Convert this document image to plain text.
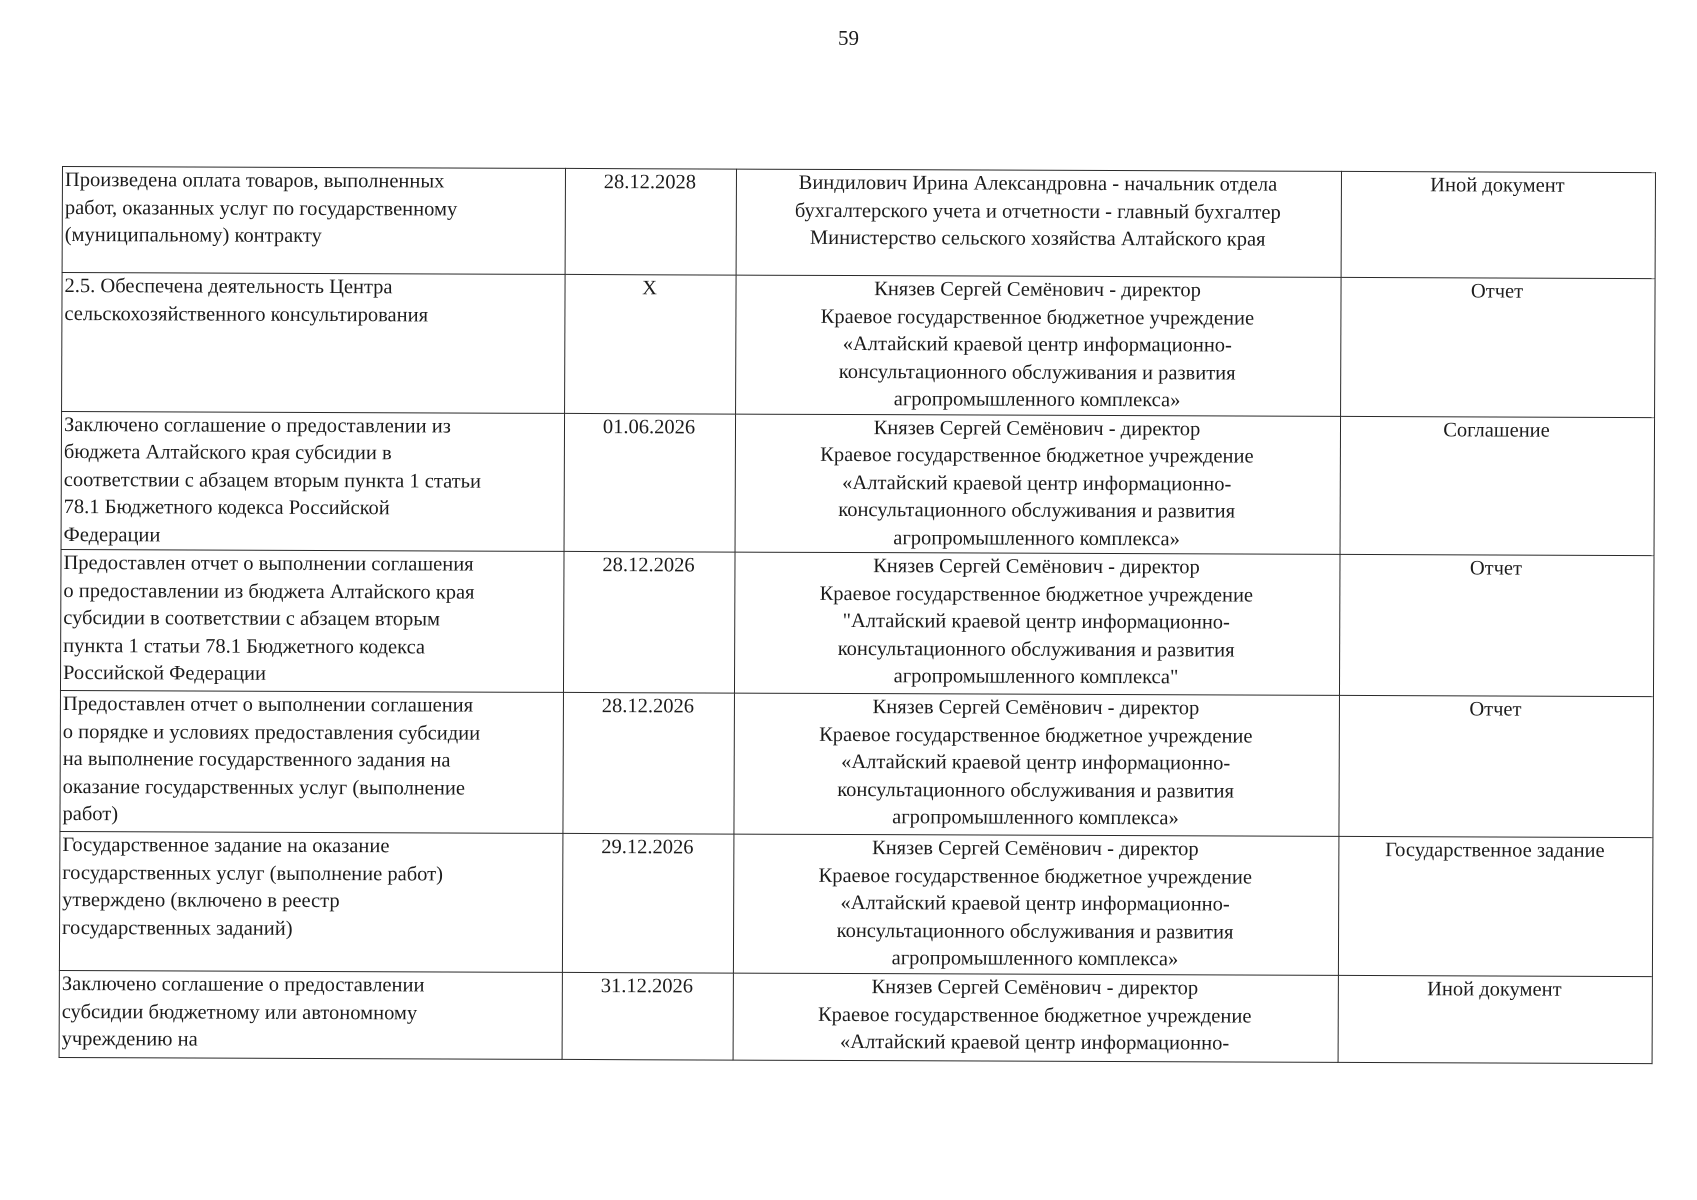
59
Произведена оплата товаров, выполненных
работ, оказанных услуг по государственному
(муниципальному) контракту	28.12.2028	Виндилович Ирина Александровна - начальник отдела
бухгалтерского учета и отчетности - главный бухгалтер
Министерство сельского хозяйства Алтайского края	Иной документ

2.5. Обеспечена деятельность Центра
сельскохозяйственного консультирования	Х	Князев Сергей Семёнович - директор
Краевое государственное бюджетное учреждение
«Алтайский краевой центр информационно-
консультационного обслуживания и развития
агропромышленного комплекса»	Отчет

Заключено соглашение о предоставлении из
бюджета Алтайского края субсидии в
соответствии с абзацем вторым пункта 1 статьи
78.1 Бюджетного кодекса Российской
Федерации	01.06.2026	Князев Сергей Семёнович - директор
Краевое государственное бюджетное учреждение
«Алтайский краевой центр информационно-
консультационного обслуживания и развития
агропромышленного комплекса»	Соглашение

Предоставлен отчет о выполнении соглашения
о предоставлении из бюджета Алтайского края
субсидии в соответствии с абзацем вторым
пункта 1 статьи 78.1 Бюджетного кодекса
Российской Федерации	28.12.2026	Князев Сергей Семёнович - директор
Краевое государственное бюджетное учреждение
"Алтайский краевой центр информационно-
консультационного обслуживания и развития
агропромышленного комплекса"	Отчет

Предоставлен отчет о выполнении соглашения
о порядке и условиях предоставления субсидии
на выполнение государственного задания на
оказание государственных услуг (выполнение
работ)	28.12.2026	Князев Сергей Семёнович - директор
Краевое государственное бюджетное учреждение
«Алтайский краевой центр информационно-
консультационного обслуживания и развития
агропромышленного комплекса»	Отчет

Государственное задание на оказание
государственных услуг (выполнение работ)
утверждено (включено в реестр
государственных заданий)	29.12.2026	Князев Сергей Семёнович - директор
Краевое государственное бюджетное учреждение
«Алтайский краевой центр информационно-
консультационного обслуживания и развития
агропромышленного комплекса»	Государственное задание

Заключено соглашение о предоставлении
субсидии бюджетному или автономному
учреждению на	31.12.2026	Князев Сергей Семёнович - директор
Краевое государственное бюджетное учреждение
«Алтайский краевой центр информационно-	Иной документ
